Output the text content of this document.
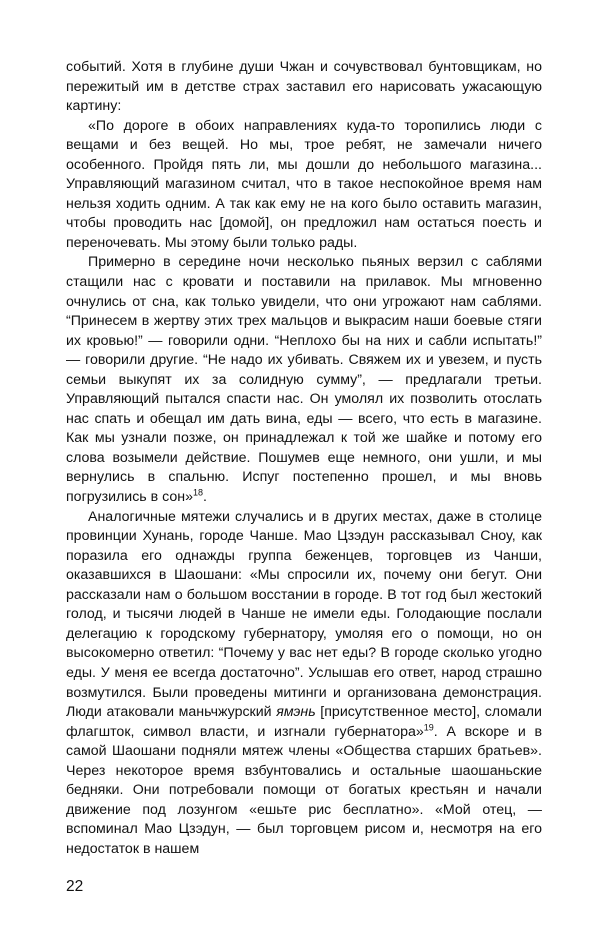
событий. Хотя в глубине души Чжан и сочувствовал бунтовщикам, но пережитый им в детстве страх заставил его нарисовать ужасающую картину:

«По дороге в обоих направлениях куда-то торопились люди с вещами и без вещей. Но мы, трое ребят, не замечали ничего особенного. Пройдя пять ли, мы дошли до небольшого магазина... Управляющий магазином считал, что в такое неспокойное время нам нельзя ходить одним. А так как ему не на кого было оставить магазин, чтобы проводить нас [домой], он предложил нам остаться поесть и переночевать. Мы этому были только рады.

Примерно в середине ночи несколько пьяных верзил с саблями стащили нас с кровати и поставили на прилавок. Мы мгновенно очнулись от сна, как только увидели, что они угрожают нам саблями. “Принесем в жертву этих трех мальцов и выкрасим наши боевые стяги их кровью!” — говорили одни. “Неплохо бы на них и сабли испытать!” — говорили другие. “Не надо их убивать. Свяжем их и увезем, и пусть семьи выкупят их за солидную сумму”, — предлагали третьи. Управляющий пытался спасти нас. Он умолял их позволить отослать нас спать и обещал им дать вина, еды — всего, что есть в магазине. Как мы узнали позже, он принадлежал к той же шайке и потому его слова возымели действие. Пошумев еще немного, они ушли, и мы вернулись в спальню. Испуг постепенно прошел, и мы вновь погрузились в сон»$^{18}$.

Аналогичные мятежи случались и в других местах, даже в столице провинции Хунань, городе Чанше. Мао Цзэдун рассказывал Сноу, как поразила его однажды группа беженцев, торговцев из Чанши, оказавшихся в Шаошани: «Мы спросили их, почему они бегут. Они рассказали нам о большом восстании в городе. В тот год был жестокий голод, и тысячи людей в Чанше не имели еды. Голодающие послали делегацию к городскому губернатору, умоляя его о помощи, но он высокомерно ответил: “Почему у вас нет еды? В городе сколько угодно еды. У меня ее всегда достаточно”. Услышав его ответ, народ страшно возмутился. Были проведены митинги и организована демонстрация. Люди атаковали маньчжурский ямэнь [присутственное место], сломали флагшток, символ власти, и изгнали губернатора»$^{19}$. А вскоре и в самой Шаошани подняли мятеж члены «Общества старших братьев». Через некоторое время взбунтовались и остальные шаошаньские бедняки. Они потребовали помощи от богатых крестьян и начали движение под лозунгом «ешьте рис бесплатно». «Мой отец, — вспоминал Мао Цзэдун, — был торговцем рисом и, несмотря на его недостаток в нашем

22
